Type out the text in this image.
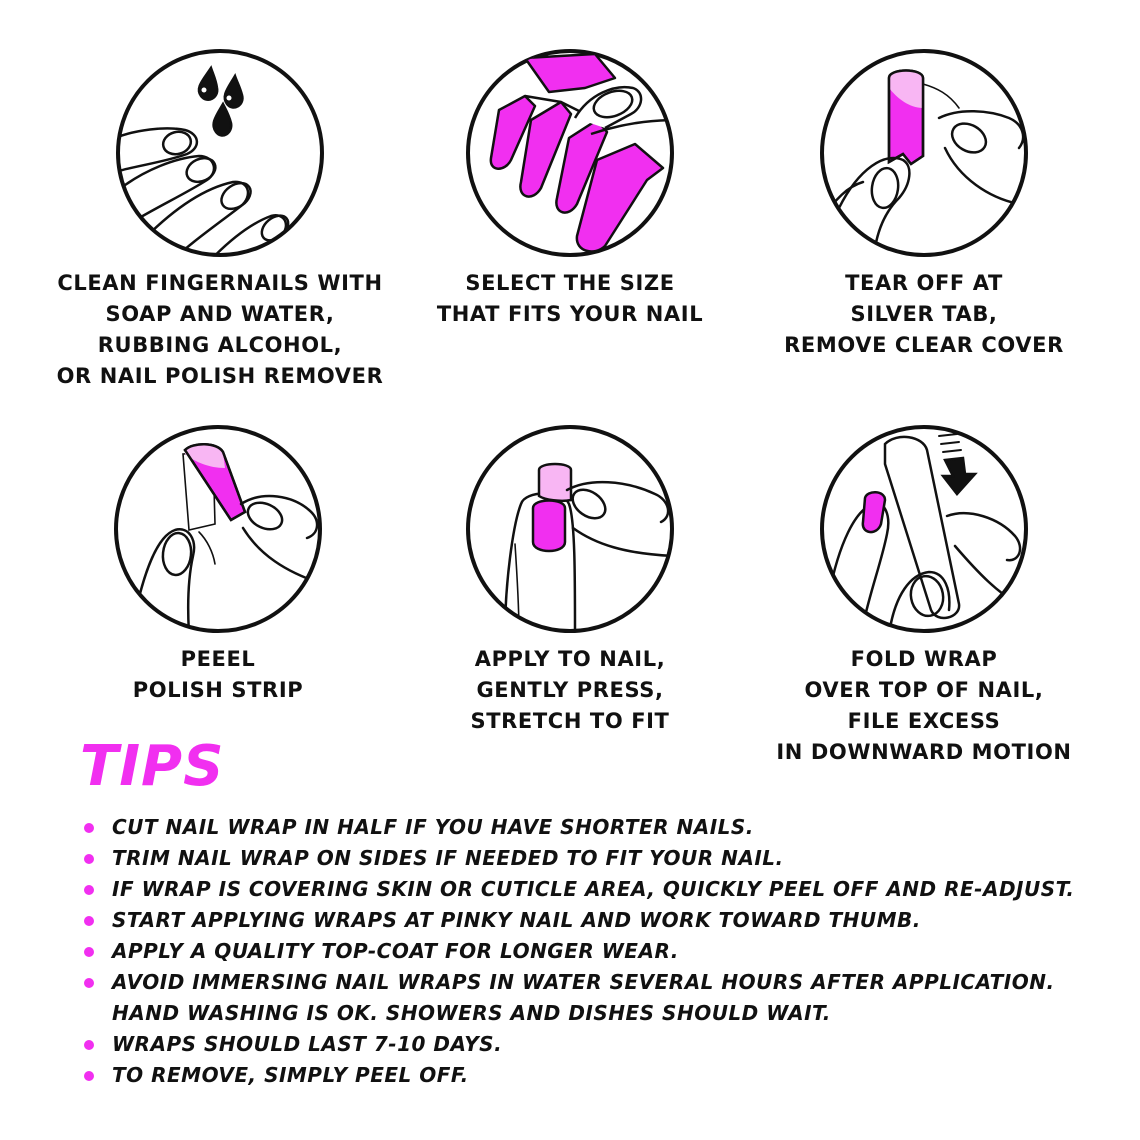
CLEAN FINGERNAILS WITH
SOAP AND WATER,
RUBBING ALCOHOL,
OR NAIL POLISH REMOVER
SELECT THE SIZE
THAT FITS YOUR NAIL
TEAR OFF AT
SILVER TAB,
REMOVE CLEAR COVER
PEEEL
POLISH STRIP
APPLY TO NAIL,
GENTLY PRESS,
STRETCH TO FIT
FOLD WRAP
OVER TOP OF NAIL,
FILE EXCESS
IN DOWNWARD MOTION
TIPS
CUT NAIL WRAP IN HALF IF YOU HAVE SHORTER NAILS.
TRIM NAIL WRAP ON SIDES IF NEEDED TO FIT YOUR NAIL.
IF WRAP IS COVERING SKIN OR CUTICLE AREA, QUICKLY PEEL OFF AND RE-ADJUST.
START APPLYING WRAPS AT PINKY NAIL AND WORK TOWARD THUMB.
APPLY A QUALITY TOP-COAT FOR LONGER WEAR.
AVOID IMMERSING NAIL WRAPS IN WATER SEVERAL HOURS AFTER APPLICATION.
HAND WASHING IS OK. SHOWERS AND DISHES SHOULD WAIT.
WRAPS SHOULD LAST 7-10 DAYS.
TO REMOVE, SIMPLY PEEL OFF.
